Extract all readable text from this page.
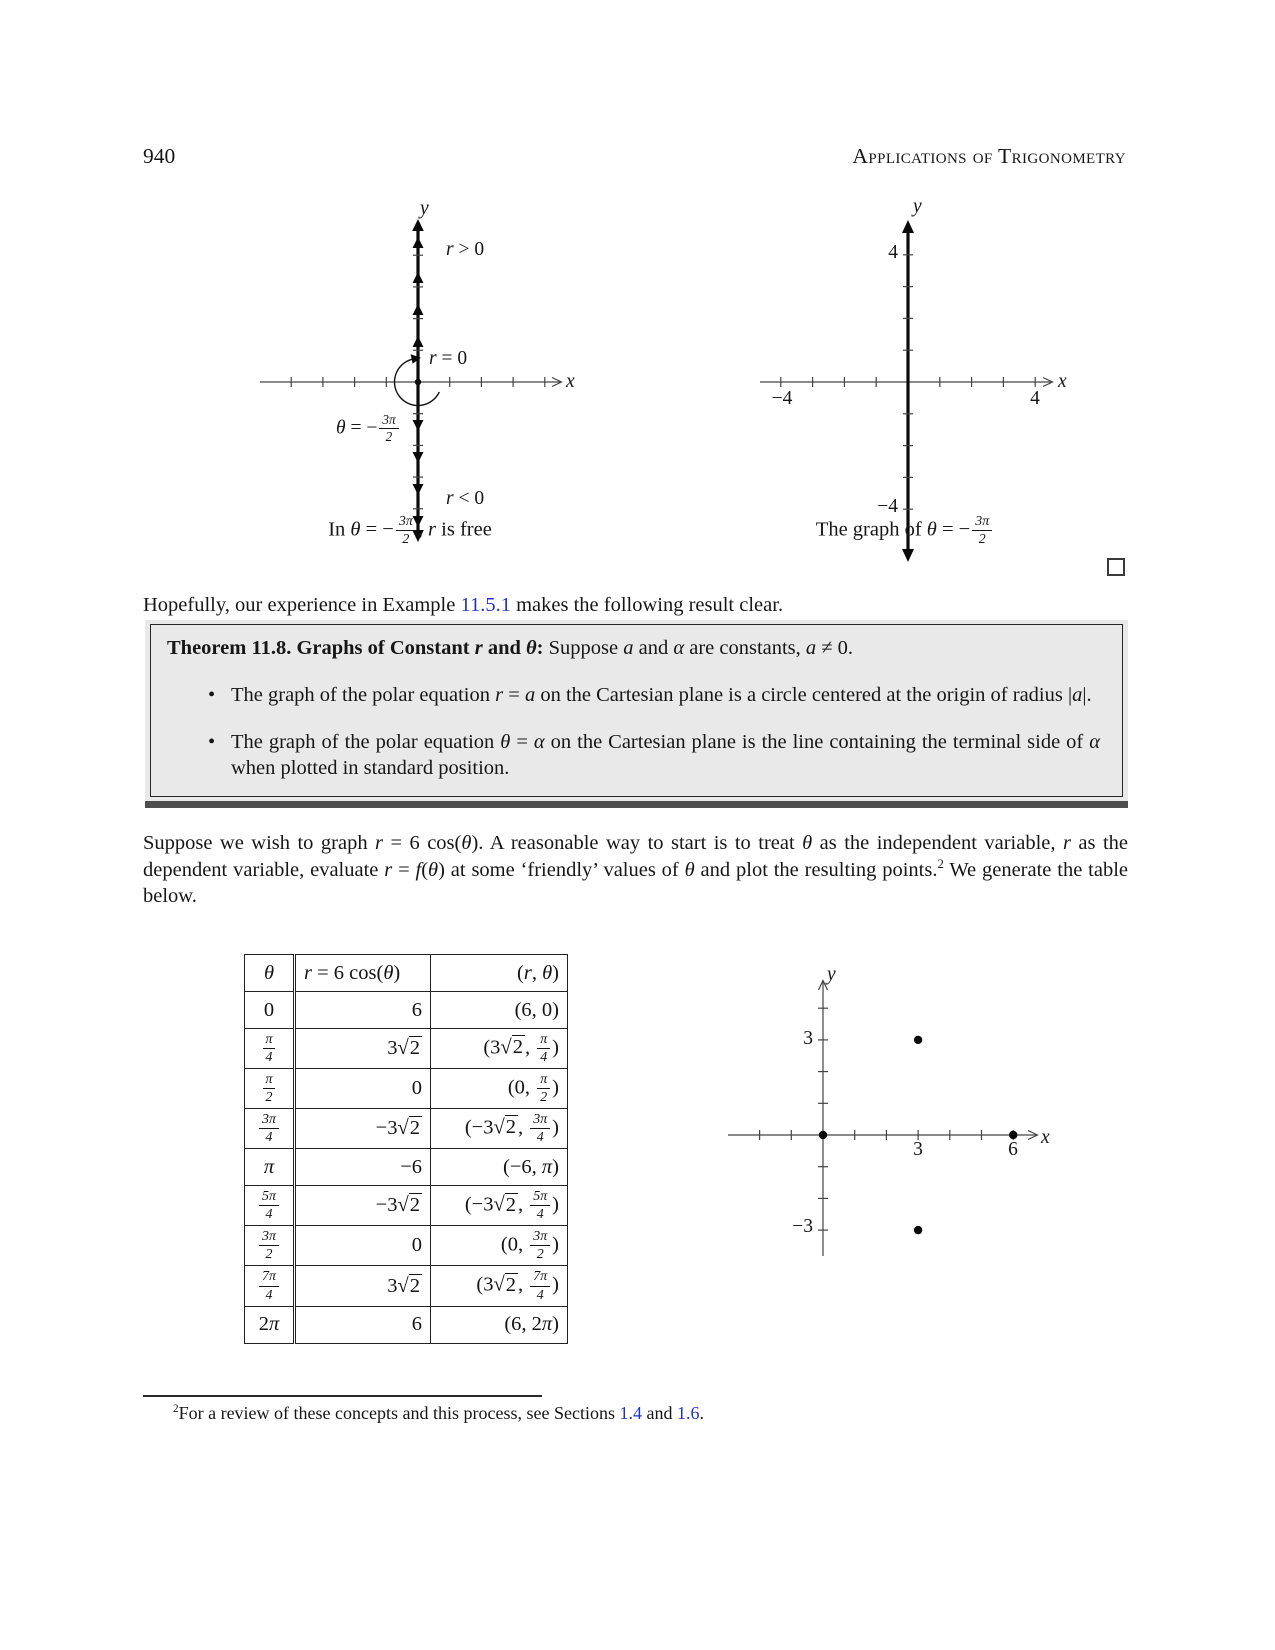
940	Applications of Trigonometry
y
x
r > 0
r = 0
θ = − $\frac{3\pi}{2}$
r < 0
In θ = − $\frac{3\pi}{2}$ , r is free
y
x
4
−4
−4	4
The graph of θ = − $\frac{3\pi}{2}$
Hopefully, our experience in Example 11.5.1 makes the following result clear.
Theorem 11.8. Graphs of Constant r and θ: Suppose a and α are constants, a ≠ 0.
• The graph of the polar equation r = a on the Cartesian plane is a circle centered at the origin of radius |a|.
• The graph of the polar equation θ = α on the Cartesian plane is the line containing the terminal side of α when plotted in standard position.
Suppose we wish to graph r = 6 cos(θ). A reasonable way to start is to treat θ as the independent variable, r as the dependent variable, evaluate r = f(θ) at some ‘friendly’ values of θ and plot the resulting points.$^2$ We generate the table below.
θ	r = 6 cos(θ)	(r, θ)
0	6	(6, 0)

$\frac{\pi}{4}$	3√2	(3√2, $\frac{\pi}{4}$ )

$\frac{\pi}{2}$	0	(0, $\frac{\pi}{2}$ )

$\frac{3\pi}{4}$	−3√2	(−3√2, $\frac{3\pi}{4}$ )
π	−6	(−6, π)

$\frac{5\pi}{4}$	−3√2	(−3√2, $\frac{5\pi}{4}$ )

$\frac{3\pi}{2}$	0	(0, $\frac{3\pi}{2}$ )

$\frac{7\pi}{4}$	3√2	(3√2, $\frac{7\pi}{4}$ )
2π	6	(6, 2π)
y
x
3	6
3
−3
$^2$For a review of these concepts and this process, see Sections 1.4 and 1.6.
